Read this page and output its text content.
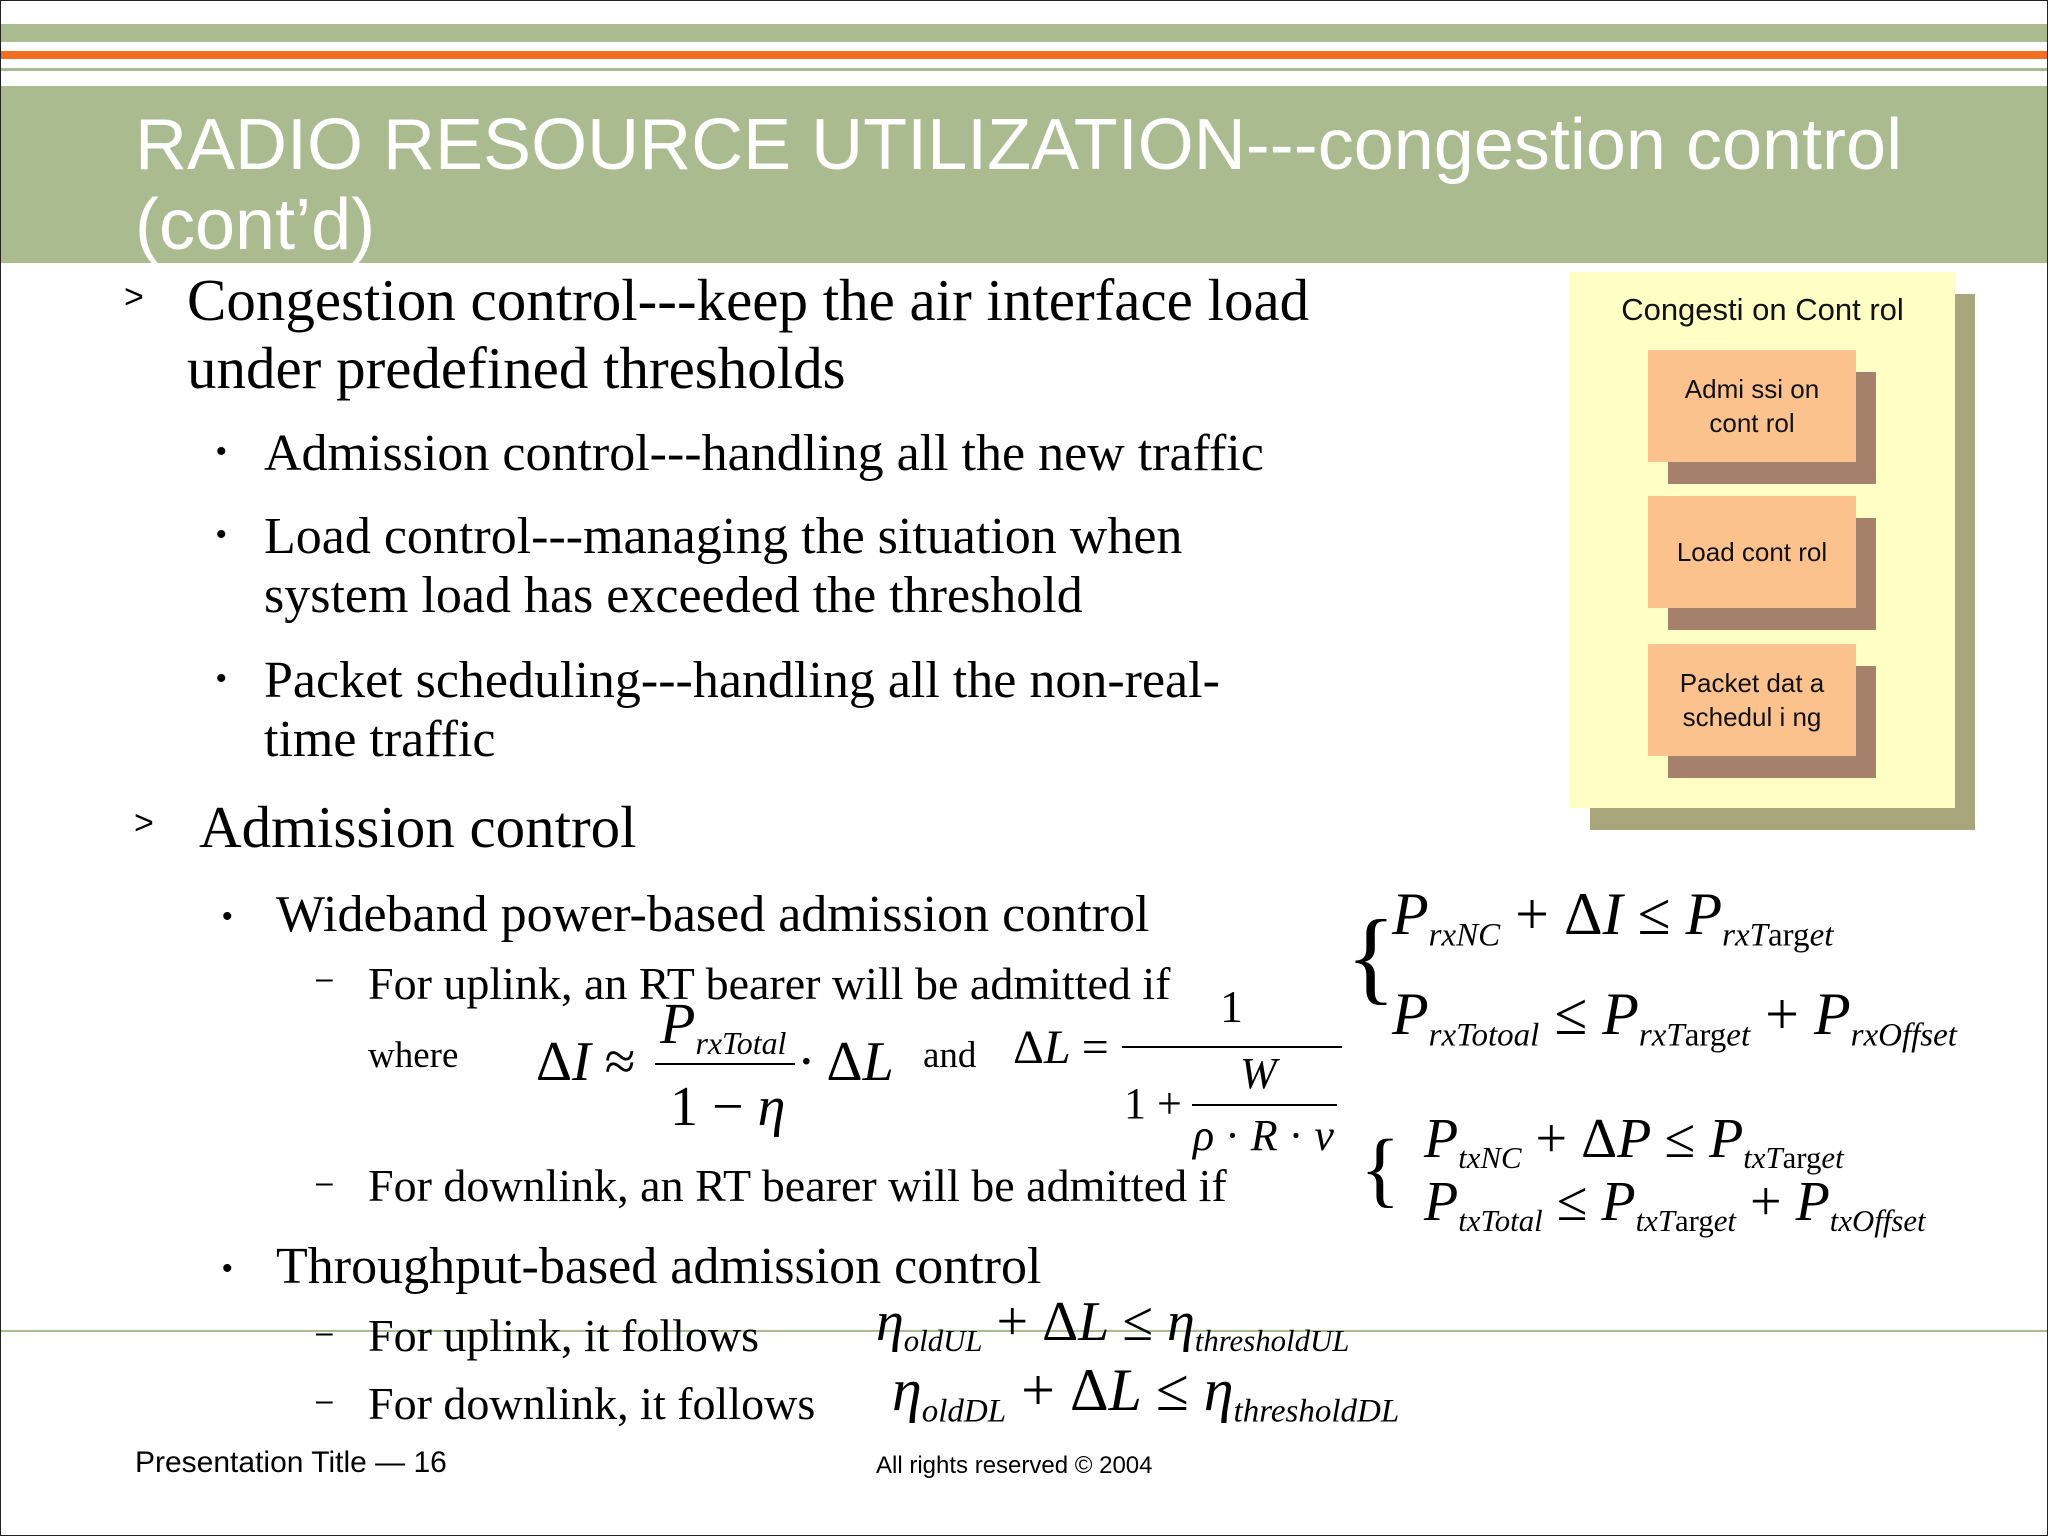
RADIO RESOURCE UTILIZATION---congestion control (cont’d)
> Congestion control---keep the air interface load
under predefined thresholds
• Admission control---handling all the new traffic
• Load control---managing the situation when
system load has exceeded the threshold
• Packet scheduling---handling all the non-real-
time traffic
> Admission control
• Wideband power-based admission control
– For uplink, an RT bearer will be admitted if
where ΔI ≈
$P_{rxTotal}$
1 − η
· ΔL and ΔL =
1
1 +
W
ρ · R · ν
{
$P_{rxNC} + \Delta I \le P_{rxTarget}$
$P_{rxTotoal} \le P_{rxTarget} + P_{rxOffset}$
– For downlink, an RT bearer will be admitted if { $P_{txNC} + \Delta P \le P_{txTarget}$
$P_{txTotal} \le P_{txTarget} + P_{txOffset}$
• Throughput-based admission control
– For uplink, it follows $\eta_{oldUL} + \Delta L \le \eta_{thresholdUL}$
– For downlink, it follows $\eta_{oldDL} + \Delta L \le \eta_{thresholdDL}$
Congesti on Cont rol
Admi ssi on cont rol
Load cont rol
Packet dat a schedul i ng
Presentation Title — 16	All rights reserved © 2004
